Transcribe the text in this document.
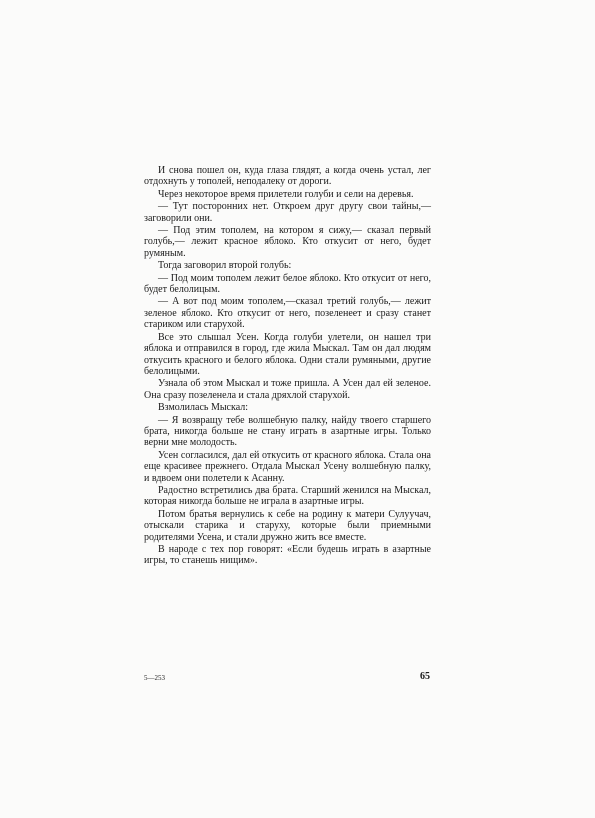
И снова пошел он, куда глаза глядят, а когда очень устал, лег отдохнуть у тополей, неподалеку от дороги.

Через некоторое время прилетели голуби и сели на деревья.

— Тут посторонних нет. Откроем друг другу свои тайны,— заговорили они.

— Под этим тополем, на котором я сижу,— сказал первый голубь,— лежит красное яблоко. Кто откусит от него, будет румяным.

Тогда заговорил второй голубь:

— Под моим тополем лежит белое яблоко. Кто откусит от него, будет белолицым.

— А вот под моим тополем,—сказал третий голубь,— лежит зеленое яблоко. Кто откусит от него, позеленеет и сразу станет стариком или старухой.

Все это слышал Усен. Когда голуби улетели, он нашел три яблока и отправился в город, где жила Мыскал. Там он дал людям откусить красного и белого яблока. Одни стали румяными, другие белолицыми.

Узнала об этом Мыскал и тоже пришла. А Усен дал ей зеленое. Она сразу позеленела и стала дряхлой старухой.

Взмолилась Мыскал:

— Я возвращу тебе волшебную палку, найду твоего старшего брата, никогда больше не стану играть в азартные игры. Только верни мне молодость.

Усен согласился, дал ей откусить от красного яблока. Стала она еще красивее прежнего. Отдала Мыскал Усену волшебную палку, и вдвоем они полетели к Асанну.

Радостно встретились два брата. Старший женился на Мыскал, которая никогда больше не играла в азартные игры.

Потом братья вернулись к себе на родину к матери Сулуучач, отыскали старика и старуху, которые были приемными родителями Усена, и стали дружно жить все вместе.

В народе с тех пор говорят: «Если будешь играть в азартные игры, то станешь нищим».

5—253	65
